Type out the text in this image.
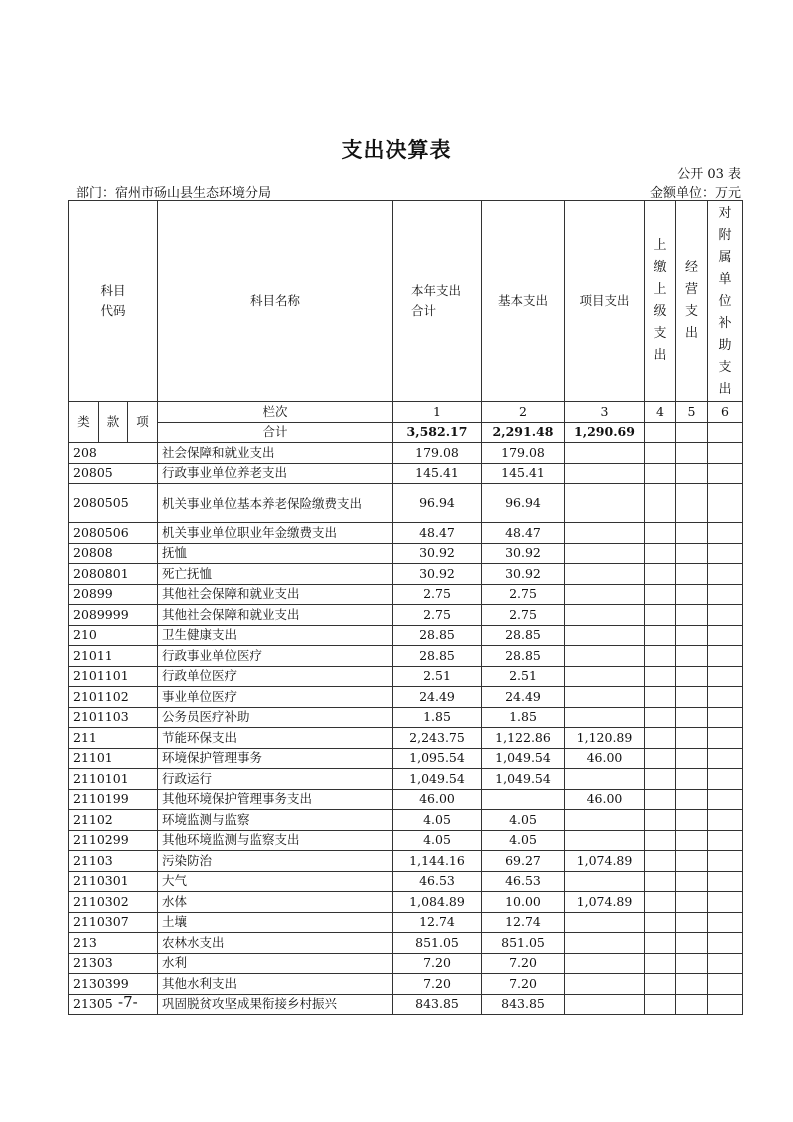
支出决算表
公开 03 表
部门：宿州市砀山县生态环境分局	金额单位：万元
科目代码			科目名称	本年支出合计	基本支出	项目支出	上缴上级支出	经营支出	对附属单位补助支出

类	款	项	栏次	1	2	3	4	5	6
			合计	3,582.17	2,291.48	1,290.69			
208			社会保障和就业支出	179.08	179.08				
20805			行政事业单位养老支出	145.41	145.41				
2080505			机关事业单位基本养老保险缴费支出	96.94	96.94				
2080506			机关事业单位职业年金缴费支出	48.47	48.47				
20808			抚恤	30.92	30.92				
2080801			死亡抚恤	30.92	30.92				
20899			其他社会保障和就业支出	2.75	2.75				
2089999			其他社会保障和就业支出	2.75	2.75				
210			卫生健康支出	28.85	28.85				
21011			行政事业单位医疗	28.85	28.85				
2101101			行政单位医疗	2.51	2.51				
2101102			事业单位医疗	24.49	24.49				
2101103			公务员医疗补助	1.85	1.85				
211			节能环保支出	2,243.75	1,122.86	1,120.89			
21101			环境保护管理事务	1,095.54	1,049.54	46.00			
2110101			行政运行	1,049.54	1,049.54				
2110199			其他环境保护管理事务支出	46.00		46.00			
21102			环境监测与监察	4.05	4.05				
2110299			其他环境监测与监察支出	4.05	4.05				
21103			污染防治	1,144.16	69.27	1,074.89			
2110301			大气	46.53	46.53				
2110302			水体	1,084.89	10.00	1,074.89			
2110307			土壤	12.74	12.74				
213			农林水支出	851.05	851.05				
21303			水利	7.20	7.20				
2130399			其他水利支出	7.20	7.20				
21305			巩固脱贫攻坚成果衔接乡村振兴	843.85	843.85				
-7-
